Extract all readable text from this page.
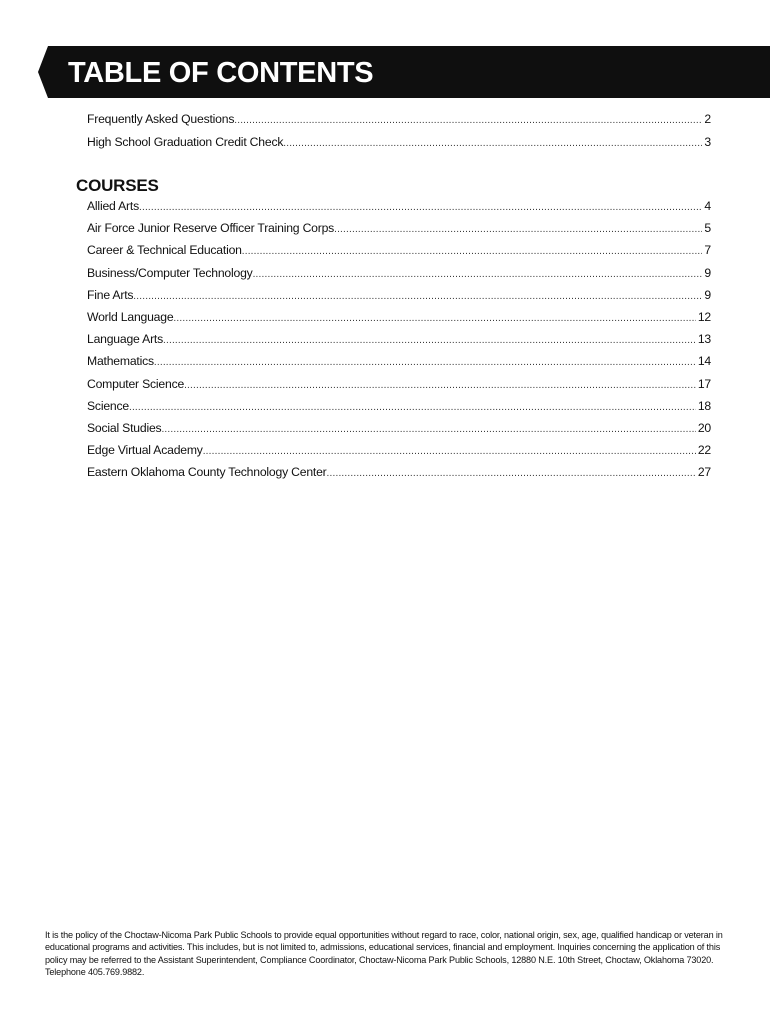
TABLE OF CONTENTS
Frequently Asked Questions .....	2
High School Graduation Credit Check .....	3
COURSES
Allied Arts .....	4
Air Force Junior Reserve Officer Training Corps .....	5
Career & Technical Education .....	7
Business/Computer Technology .....	9
Fine Arts .....	9
World Language .....	12
Language Arts .....	13
Mathematics .....	14
Computer Science .....	17
Science .....	18
Social Studies .....	20
Edge Virtual Academy .....	22
Eastern Oklahoma County Technology Center .....	27

It is the policy of the Choctaw-Nicoma Park Public Schools to provide equal opportunities without regard to race, color, national origin, sex, age, qualified handicap or veteran in educational programs and activities. This includes, but is not limited to, admissions, educational services, financial and employment. Inquiries concerning the application of this policy may be referred to the Assistant Superintendent, Compliance Coordinator, Choctaw-Nicoma Park Public Schools, 12880 N.E. 10th Street, Choctaw, Oklahoma 73020. Telephone 405.769.9882.
